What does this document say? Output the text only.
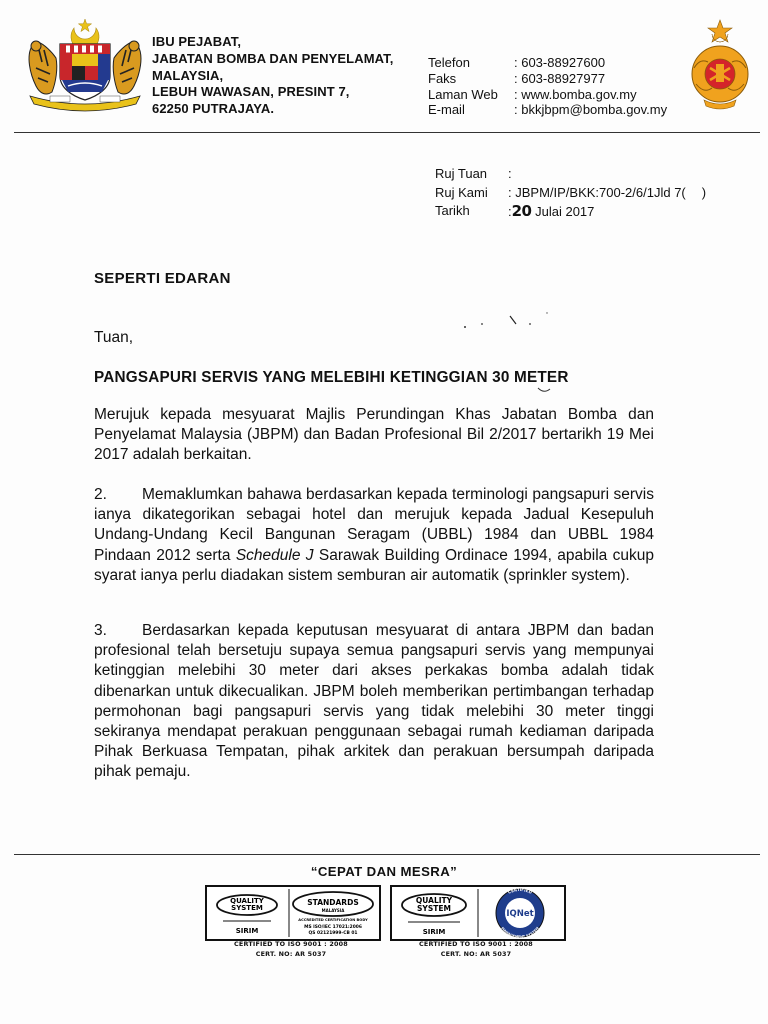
IBU PEJABAT,
JABATAN BOMBA DAN PENYELAMAT,
MALAYSIA,
LEBUH WAWASAN, PRESINT 7,
62250 PUTRAJAYA.
Telefon
Faks
Laman Web
E-mail
: 603-88927600
: 603-88927977
: www.bomba.gov.my
: bkkjbpm@bomba.gov.my
Ruj Tuan
Ruj Kami
Tarikh
:
: JBPM/IP/BKK:700-2/6/1Jld 7( )
:20 Julai 2017
SEPERTI EDARAN
Tuan,
PANGSAPURI SERVIS YANG MELEBIHI KETINGGIAN 30 METER

Merujuk kepada mesyuarat Majlis Perundingan Khas Jabatan Bomba dan Penyelamat Malaysia (JBPM) dan Badan Profesional Bil 2/2017 bertarikh 19 Mei 2017 adalah berkaitan.

2. Memaklumkan bahawa berdasarkan kepada terminologi pangsapuri servis ianya dikategorikan sebagai hotel dan merujuk kepada Jadual Kesepuluh Undang-Undang Kecil Bangunan Seragam (UBBL) 1984 dan UBBL 1984 Pindaan 2012 serta Schedule J Sarawak Building Ordinace 1994, apabila cukup syarat ianya perlu diadakan sistem semburan air automatik (sprinkler system).

3. Berdasarkan kepada keputusan mesyuarat di antara JBPM dan badan profesional telah bersetuju supaya semua pangsapuri servis yang mempunyai ketinggian melebihi 30 meter dari akses perkakas bomba adalah tidak dibenarkan untuk dikecualikan. JBPM boleh memberikan pertimbangan terhadap permohonan bagi pangsapuri servis yang tidak melebihi 30 meter tinggi sekiranya mendapat perakuan penggunaan sebagai rumah kediaman daripada Pihak Berkuasa Tempatan, pihak arkitek dan perakuan bersumpah daripada pihak pemaju.

“CEPAT DAN MESRA”
QUALITY
SYSTEM
SIRIM
STANDARDS
MALAYSIA
ACCREDITED CERTIFICATION BODY
MS ISO/IEC 17021:2006
QS 02121999-CB 01
CERTIFIED TO ISO 9001 : 2008
CERT. NO: AR 5037
QUALITY
SYSTEM
SIRIM
CERTIFIED
MANAGEMENT SYSTEM
IQNet
CERTIFIED TO ISO 9001 : 2008
CERT. NO: AR 5037
